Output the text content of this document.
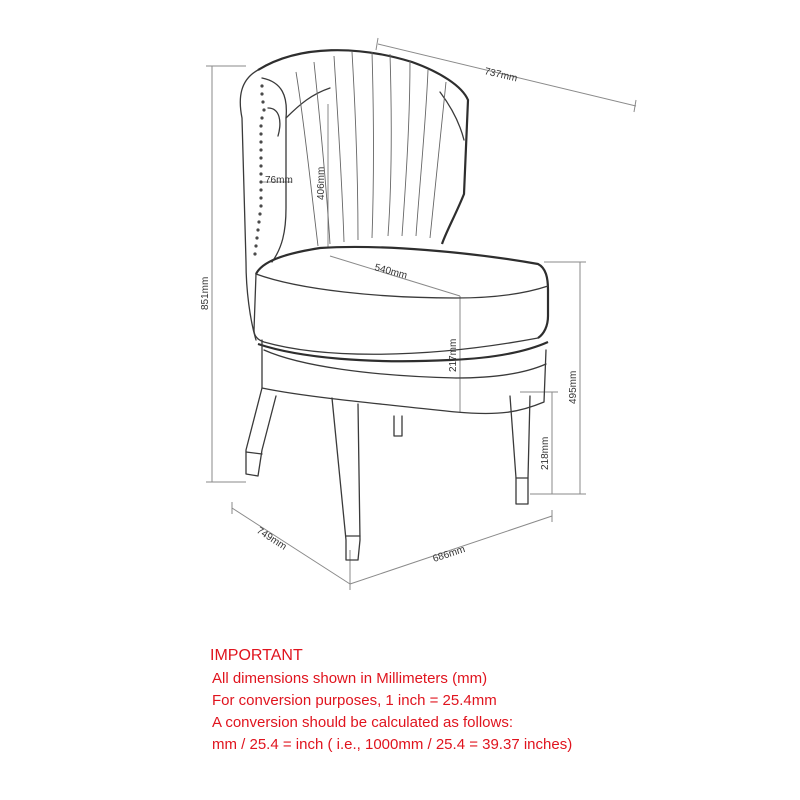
737mm
851mm
76mm 406mm
540mm
217mm
495mm
218mm
686mm
749mm
IMPORTANT
All dimensions shown in Millimeters (mm)
For conversion purposes, 1 inch = 25.4mm
A conversion should be calculated as follows:
mm / 25.4 = inch ( i.e., 1000mm / 25.4 = 39.37 inches)
